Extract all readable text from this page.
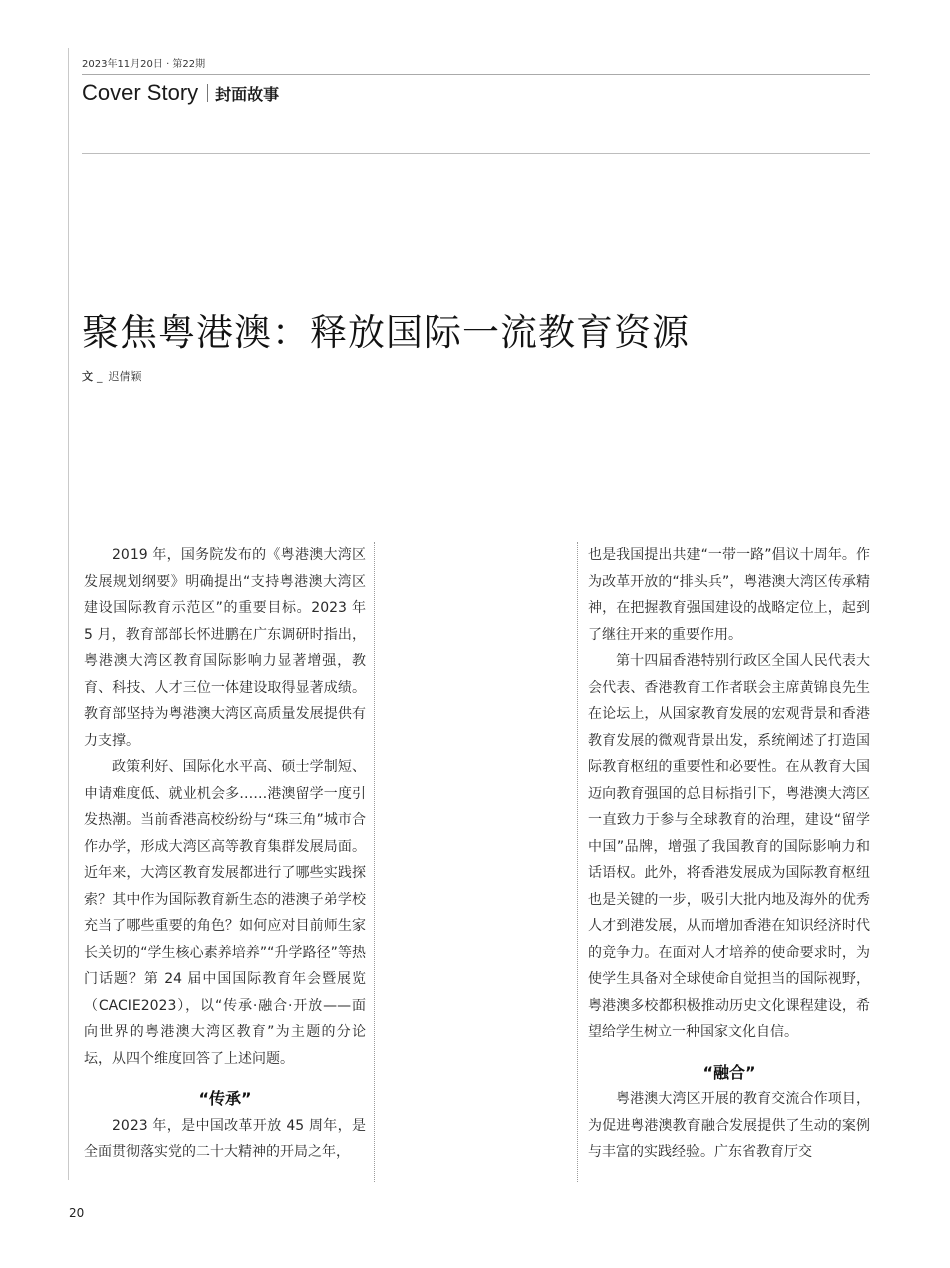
2023年11月20日 · 第22期
Cover Story 封面故事
聚焦粤港澳：释放国际一流教育资源
文 _ 迟倩颖

2019 年，国务院发布的《粤港澳大湾区发展规划纲要》明确提出“支持粤港澳大湾区建设国际教育示范区”的重要目标。2023 年 5 月，教育部部长怀进鹏在广东调研时指出，粤港澳大湾区教育国际影响力显著增强，教育、科技、人才三位一体建设取得显著成绩。教育部坚持为粤港澳大湾区高质量发展提供有力支撑。

政策利好、国际化水平高、硕士学制短、申请难度低、就业机会多……港澳留学一度引发热潮。当前香港高校纷纷与“珠三角”城市合作办学，形成大湾区高等教育集群发展局面。近年来，大湾区教育发展都进行了哪些实践探索？其中作为国际教育新生态的港澳子弟学校充当了哪些重要的角色？如何应对目前师生家长关切的“学生核心素养培养”“升学路径”等热门话题？第 24 届中国国际教育年会暨展览（CACIE2023），以“传承·融合·开放——面向世界的粤港澳大湾区教育”为主题的分论坛，从四个维度回答了上述问题。

“传承”

2023 年，是中国改革开放 45 周年，是全面贯彻落实党的二十大精神的开局之年，

也是我国提出共建“一带一路”倡议十周年。作为改革开放的“排头兵”，粤港澳大湾区传承精神，在把握教育强国建设的战略定位上，起到了继往开来的重要作用。

第十四届香港特别行政区全国人民代表大会代表、香港教育工作者联会主席黄锦良先生在论坛上，从国家教育发展的宏观背景和香港教育发展的微观背景出发，系统阐述了打造国际教育枢纽的重要性和必要性。在从教育大国迈向教育强国的总目标指引下，粤港澳大湾区一直致力于参与全球教育的治理，建设“留学中国”品牌，增强了我国教育的国际影响力和话语权。此外，将香港发展成为国际教育枢纽也是关键的一步，吸引大批内地及海外的优秀人才到港发展，从而增加香港在知识经济时代的竞争力。在面对人才培养的使命要求时，为使学生具备对全球使命自觉担当的国际视野，粤港澳多校都积极推动历史文化课程建设，希望给学生树立一种国家文化自信。

“融合”

粤港澳大湾区开展的教育交流合作项目，为促进粤港澳教育融合发展提供了生动的案例与丰富的实践经验。广东省教育厅交

20
